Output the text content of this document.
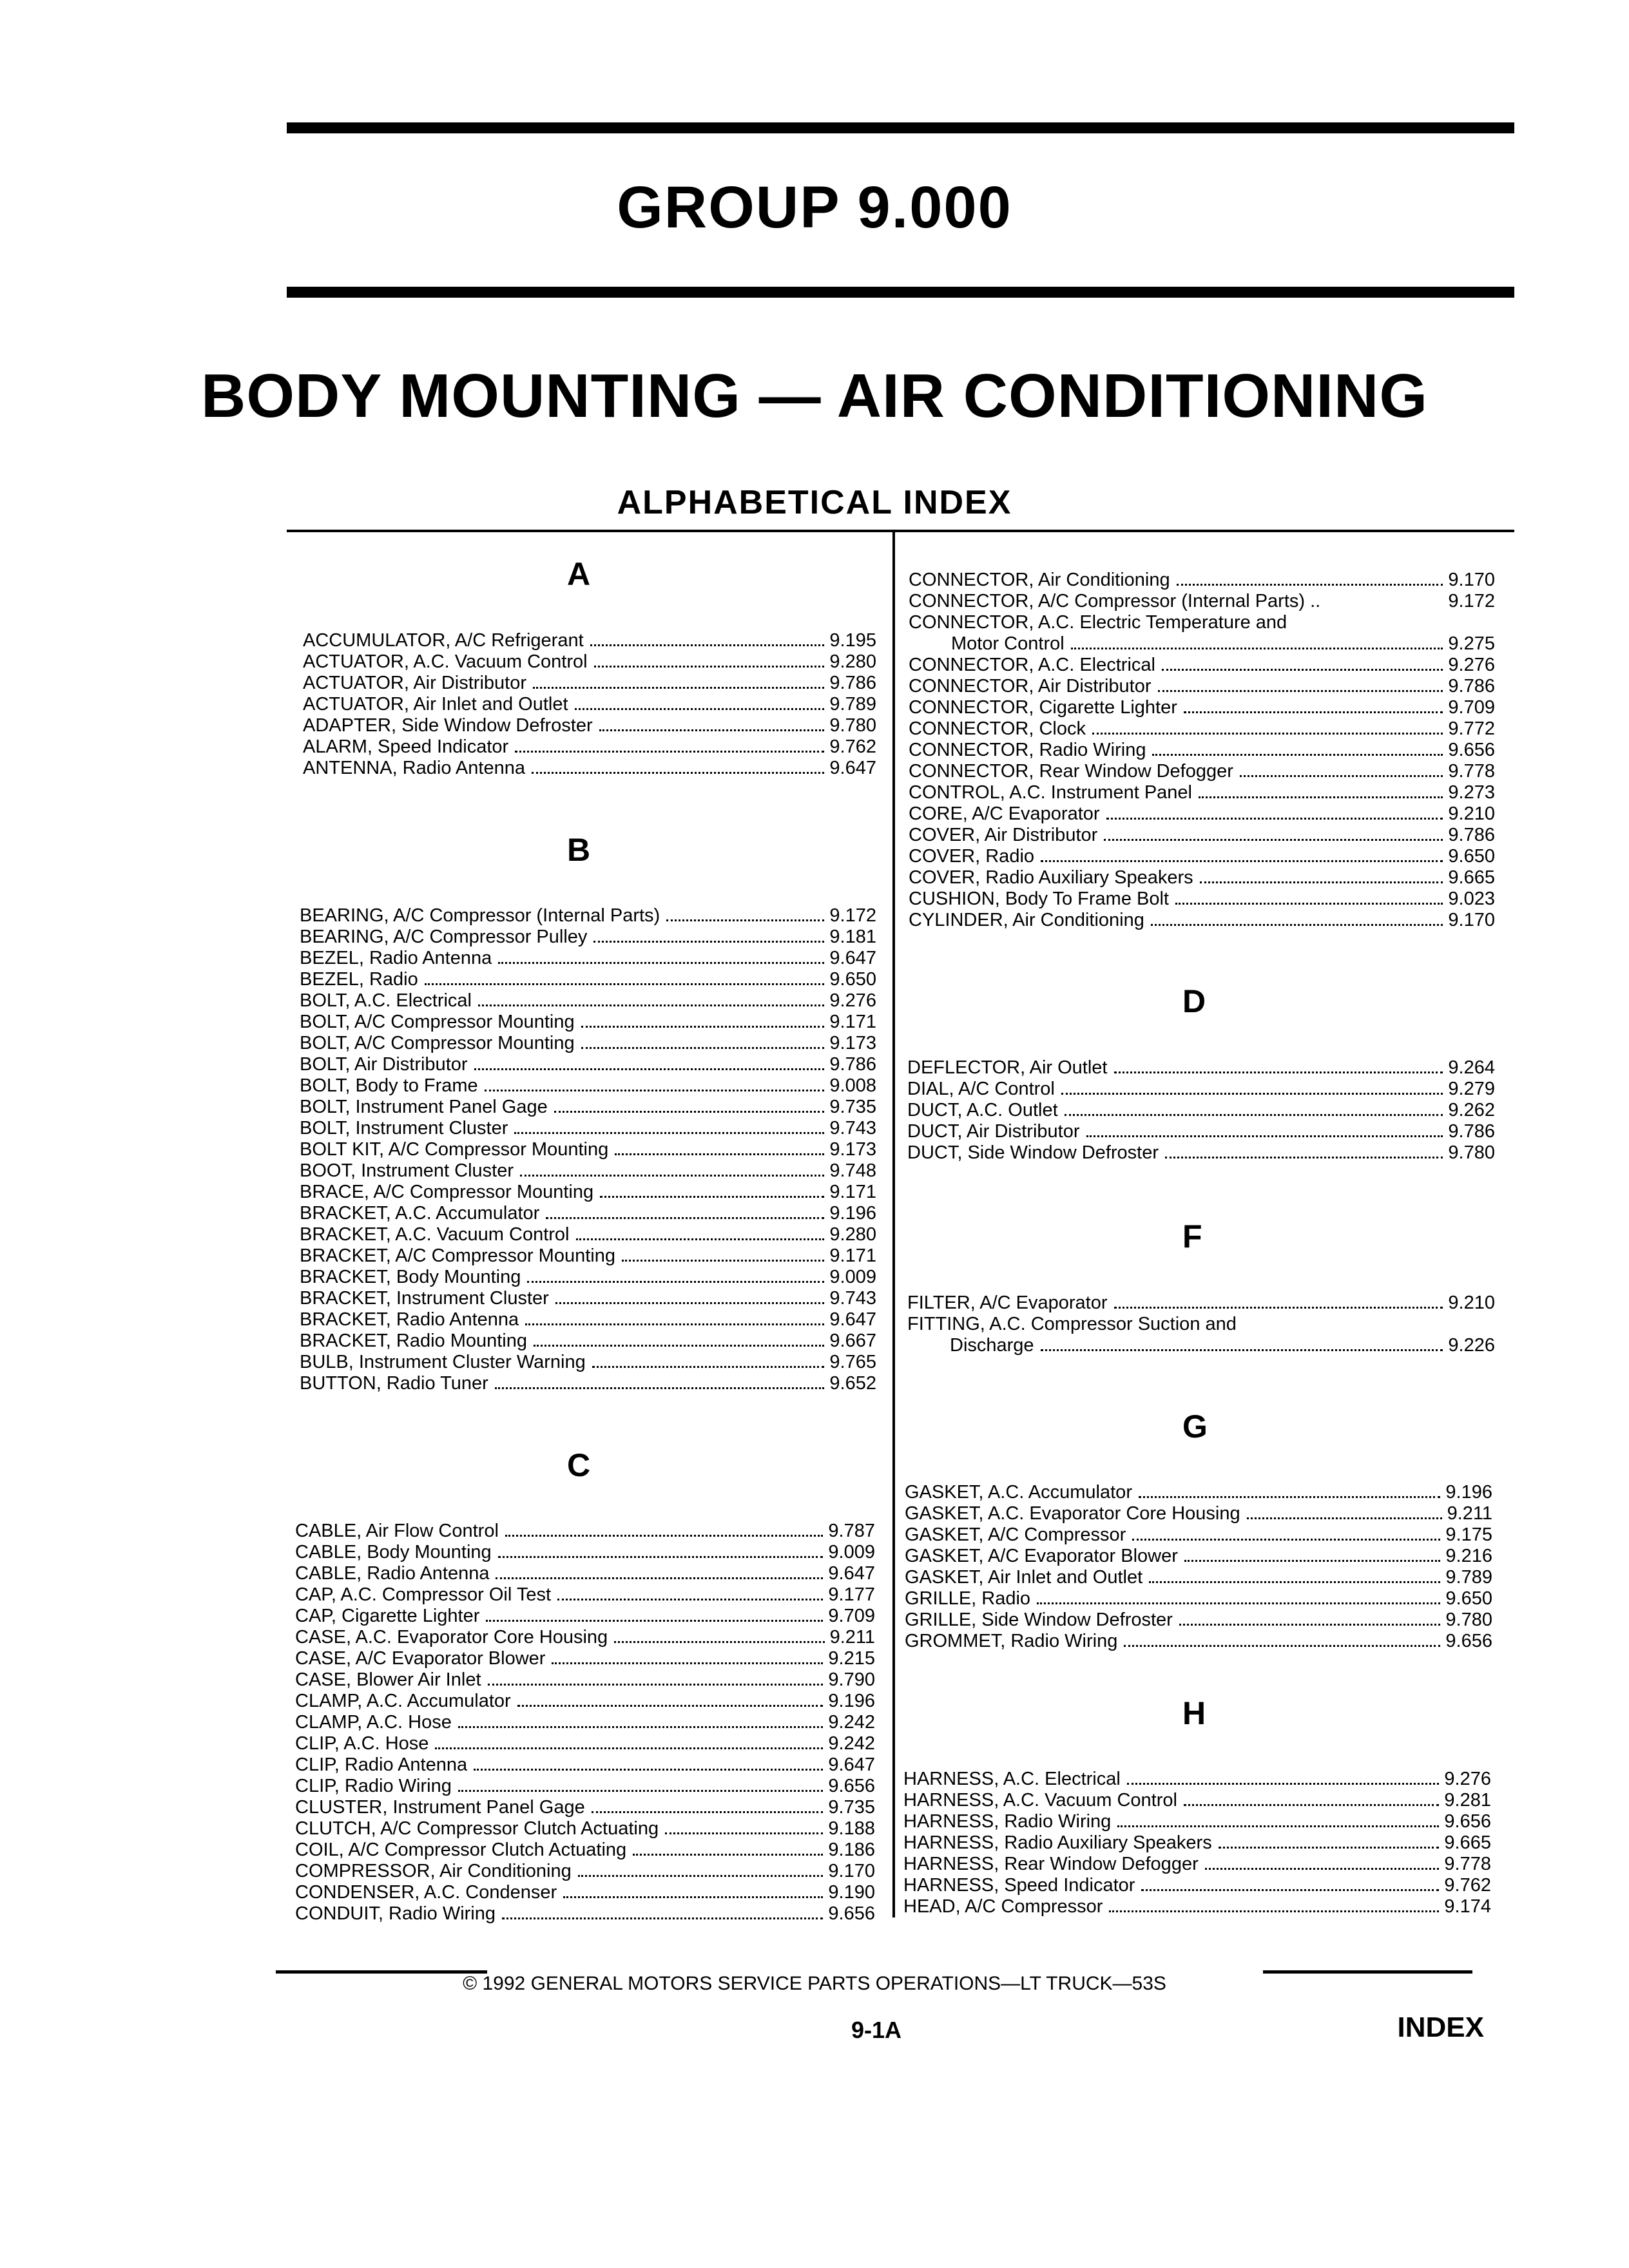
GROUP 9.000
BODY MOUNTING — AIR CONDITIONING
ALPHABETICAL INDEX
A
ACCUMULATOR, A/C Refrigerant	9.195
ACTUATOR, A.C. Vacuum Control	9.280
ACTUATOR, Air Distributor	9.786
ACTUATOR, Air Inlet and Outlet	9.789
ADAPTER, Side Window Defroster	9.780
ALARM, Speed Indicator	9.762
ANTENNA, Radio Antenna	9.647
B
BEARING, A/C Compressor (Internal Parts)	9.172
BEARING, A/C Compressor Pulley	9.181
BEZEL, Radio Antenna	9.647
BEZEL, Radio	9.650
BOLT, A.C. Electrical	9.276
BOLT, A/C Compressor Mounting	9.171
BOLT, A/C Compressor Mounting	9.173
BOLT, Air Distributor	9.786
BOLT, Body to Frame	9.008
BOLT, Instrument Panel Gage	9.735
BOLT, Instrument Cluster	9.743
BOLT KIT, A/C Compressor Mounting	9.173
BOOT, Instrument Cluster	9.748
BRACE, A/C Compressor Mounting	9.171
BRACKET, A.C. Accumulator	9.196
BRACKET, A.C. Vacuum Control	9.280
BRACKET, A/C Compressor Mounting	9.171
BRACKET, Body Mounting	9.009
BRACKET, Instrument Cluster	9.743
BRACKET, Radio Antenna	9.647
BRACKET, Radio Mounting	9.667
BULB, Instrument Cluster Warning	9.765
BUTTON, Radio Tuner	9.652
C
CABLE, Air Flow Control	9.787
CABLE, Body Mounting	9.009
CABLE, Radio Antenna	9.647
CAP, A.C. Compressor Oil Test	9.177
CAP, Cigarette Lighter	9.709
CASE, A.C. Evaporator Core Housing	9.211
CASE, A/C Evaporator Blower	9.215
CASE, Blower Air Inlet	9.790
CLAMP, A.C. Accumulator	9.196
CLAMP, A.C. Hose	9.242
CLIP, A.C. Hose	9.242
CLIP, Radio Antenna	9.647
CLIP, Radio Wiring	9.656
CLUSTER, Instrument Panel Gage	9.735
CLUTCH, A/C Compressor Clutch Actuating	9.188
COIL, A/C Compressor Clutch Actuating	9.186
COMPRESSOR, Air Conditioning	9.170
CONDENSER, A.C. Condenser	9.190
CONDUIT, Radio Wiring	9.656
CONNECTOR, Air Conditioning	9.170
CONNECTOR, A/C Compressor (Internal Parts) ..	9.172
CONNECTOR, A.C. Electric Temperature and
Motor Control	9.275
CONNECTOR, A.C. Electrical	9.276
CONNECTOR, Air Distributor	9.786
CONNECTOR, Cigarette Lighter	9.709
CONNECTOR, Clock	9.772
CONNECTOR, Radio Wiring	9.656
CONNECTOR, Rear Window Defogger	9.778
CONTROL, A.C. Instrument Panel	9.273
CORE, A/C Evaporator	9.210
COVER, Air Distributor	9.786
COVER, Radio	9.650
COVER, Radio Auxiliary Speakers	9.665
CUSHION, Body To Frame Bolt	9.023
CYLINDER, Air Conditioning	9.170
D
DEFLECTOR, Air Outlet	9.264
DIAL, A/C Control	9.279
DUCT, A.C. Outlet	9.262
DUCT, Air Distributor	9.786
DUCT, Side Window Defroster	9.780
F
FILTER, A/C Evaporator	9.210
FITTING, A.C. Compressor Suction and
Discharge	9.226
G
GASKET, A.C. Accumulator	9.196
GASKET, A.C. Evaporator Core Housing	9.211
GASKET, A/C Compressor	9.175
GASKET, A/C Evaporator Blower	9.216
GASKET, Air Inlet and Outlet	9.789
GRILLE, Radio	9.650
GRILLE, Side Window Defroster	9.780
GROMMET, Radio Wiring	9.656
H
HARNESS, A.C. Electrical	9.276
HARNESS, A.C. Vacuum Control	9.281
HARNESS, Radio Wiring	9.656
HARNESS, Radio Auxiliary Speakers	9.665
HARNESS, Rear Window Defogger	9.778
HARNESS, Speed Indicator	9.762
HEAD, A/C Compressor	9.174
© 1992 GENERAL MOTORS SERVICE PARTS OPERATIONS—LT TRUCK—53S
9-1A	INDEX
